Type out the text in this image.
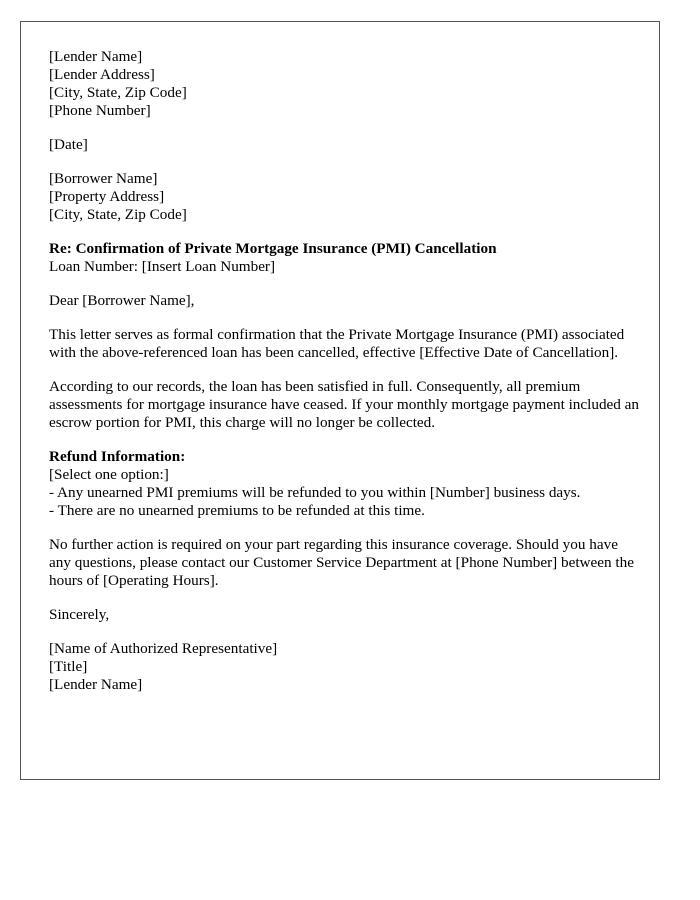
[Lender Name]
[Lender Address]
[City, State, Zip Code]
[Phone Number]
[Date]
[Borrower Name]
[Property Address]
[City, State, Zip Code]
Re: Confirmation of Private Mortgage Insurance (PMI) Cancellation
Loan Number: [Insert Loan Number]
Dear [Borrower Name],
This letter serves as formal confirmation that the Private Mortgage Insurance (PMI) associated with the above-referenced loan has been cancelled, effective [Effective Date of Cancellation].
According to our records, the loan has been satisfied in full. Consequently, all premium assessments for mortgage insurance have ceased. If your monthly mortgage payment included an escrow portion for PMI, this charge will no longer be collected.
Refund Information:
[Select one option:]
- Any unearned PMI premiums will be refunded to you within [Number] business days.
- There are no unearned premiums to be refunded at this time.
No further action is required on your part regarding this insurance coverage. Should you have any questions, please contact our Customer Service Department at [Phone Number] between the hours of [Operating Hours].
Sincerely,
[Name of Authorized Representative]
[Title]
[Lender Name]
